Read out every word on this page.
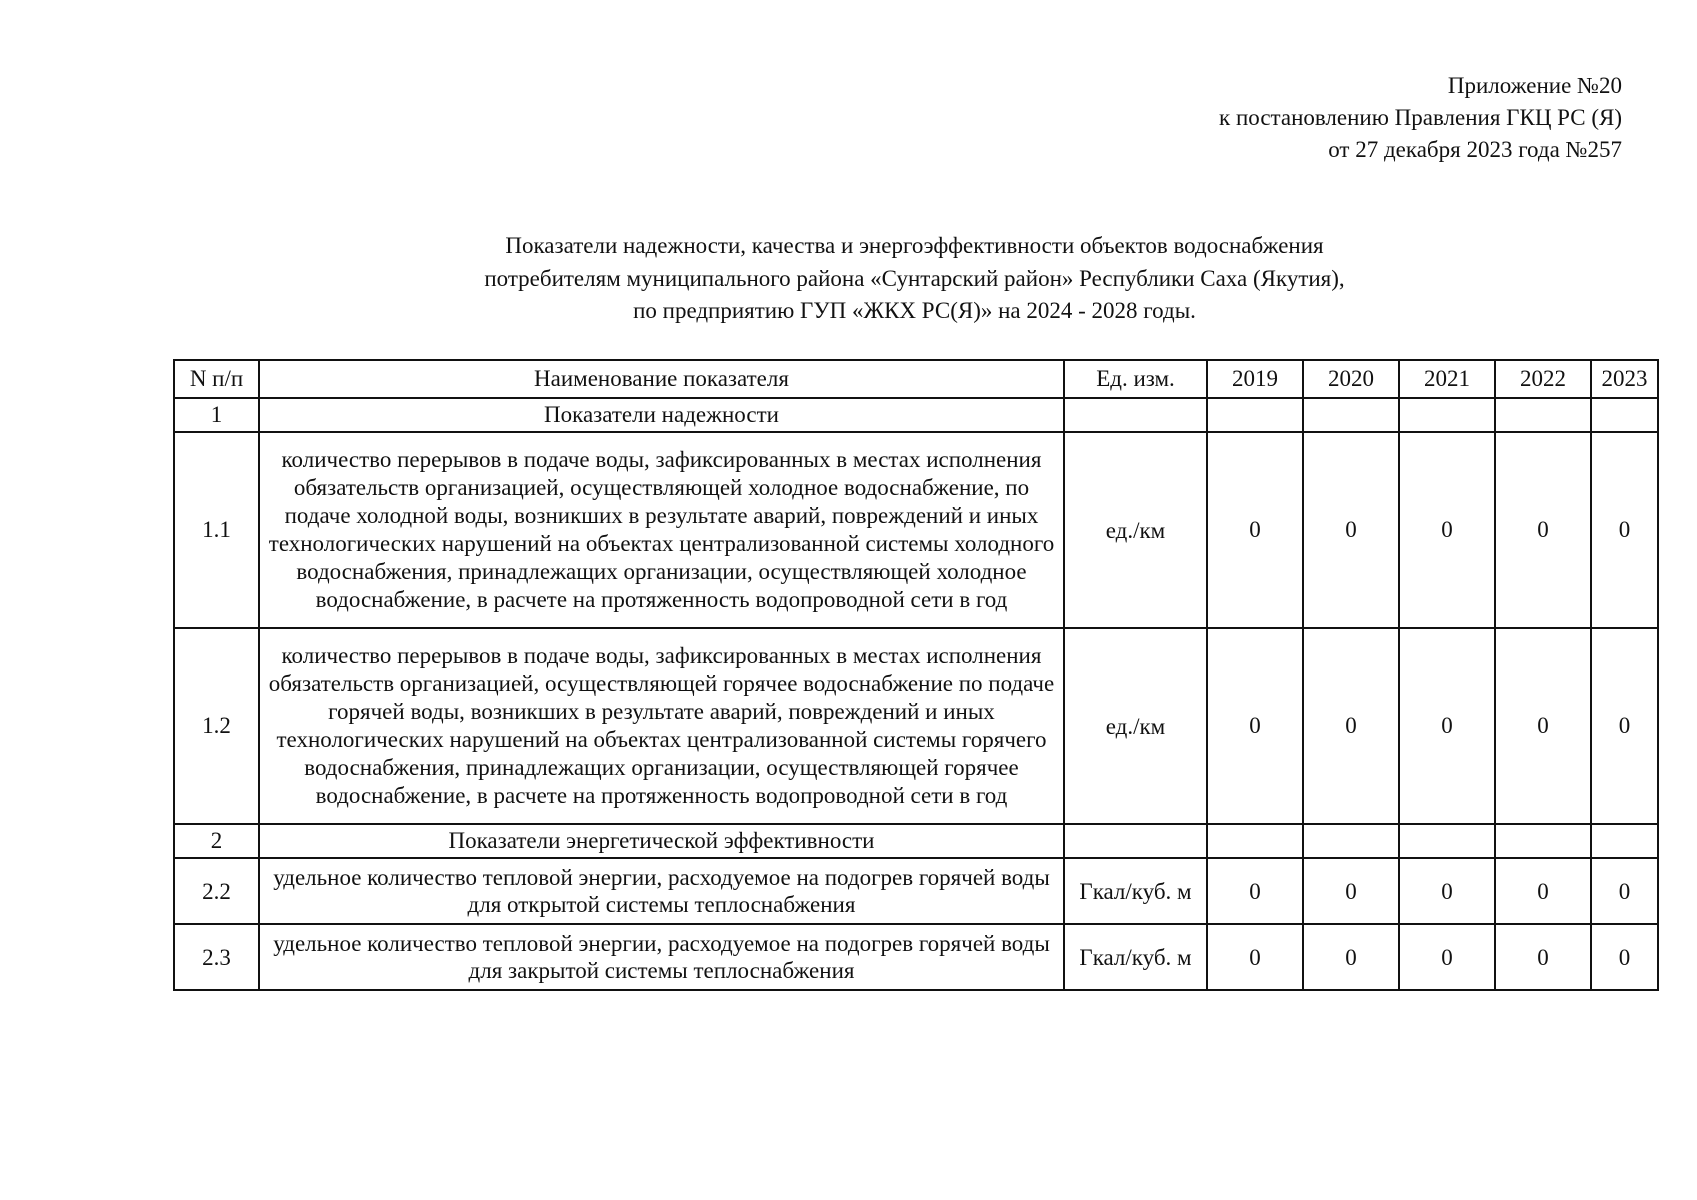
Приложение №20
к постановлению Правления ГКЦ РС (Я)
от 27 декабря 2023 года №257
Показатели надежности, качества и энергоэффективности объектов водоснабжения
потребителям муниципального района «Сунтарский район» Республики Саха (Якутия),
по предприятию ГУП «ЖКХ РС(Я)» на 2024 - 2028 годы.
N п/п	Наименование показателя	Ед. изм.	2019	2020	2021	2022	2023
1	Показатели надежности						
1.1	количество перерывов в подаче воды, зафиксированных в местах исполнения обязательств организацией, осуществляющей холодное водоснабжение, по подаче холодной воды, возникших в результате аварий, повреждений и иных технологических нарушений на объектах централизованной системы холодного водоснабжения, принадлежащих организации, осуществляющей холодное водоснабжение, в расчете на протяженность водопроводной сети в год	ед./км	0	0	0	0	0
1.2	количество перерывов в подаче воды, зафиксированных в местах исполнения обязательств организацией, осуществляющей горячее водоснабжение по подаче горячей воды, возникших в результате аварий, повреждений и иных технологических нарушений на объектах централизованной системы горячего водоснабжения, принадлежащих организации, осуществляющей горячее водоснабжение, в расчете на протяженность водопроводной сети в год	ед./км	0	0	0	0	0
2	Показатели энергетической эффективности						
2.2	удельное количество тепловой энергии, расходуемое на подогрев горячей воды для открытой системы теплоснабжения	Гкал/куб. м	0	0	0	0	0
2.3	удельное количество тепловой энергии, расходуемое на подогрев горячей воды для закрытой системы теплоснабжения	Гкал/куб. м	0	0	0	0	0
